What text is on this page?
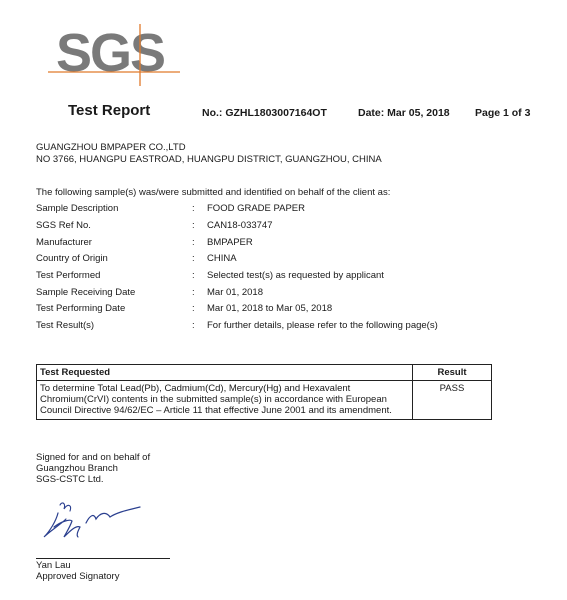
SGS
Test Report	No.: GZHL1803007164OT	Date: Mar 05, 2018 Page 1 of 3
GUANGZHOU BMPAPER CO.,LTD
NO 3766, HUANGPU EASTROAD, HUANGPU DISTRICT, GUANGZHOU, CHINA
The following sample(s) was/were submitted and identified on behalf of the client as:
Sample Description	: FOOD GRADE PAPER
SGS Ref No.	: CAN18-033747
Manufacturer	: BMPAPER
Country of Origin	: CHINA
Test Performed	: Selected test(s) as requested by applicant
Sample Receiving Date	: Mar 01, 2018
Test Performing Date	: Mar 01, 2018 to Mar 05, 2018
Test Result(s)	: For further details, please refer to the following page(s)
Test Requested	Result

To determine Total Lead(Pb), Cadmium(Cd), Mercury(Hg) and Hexavalent
Chromium(CrVI) contents in the submitted sample(s) in accordance with European
Council Directive 94/62/EC – Article 11 that effective June 2001 and its amendment.	PASS
Signed for and on behalf of
Guangzhou Branch
SGS-CSTC Ltd.
Yan Lau
Approved Signatory
